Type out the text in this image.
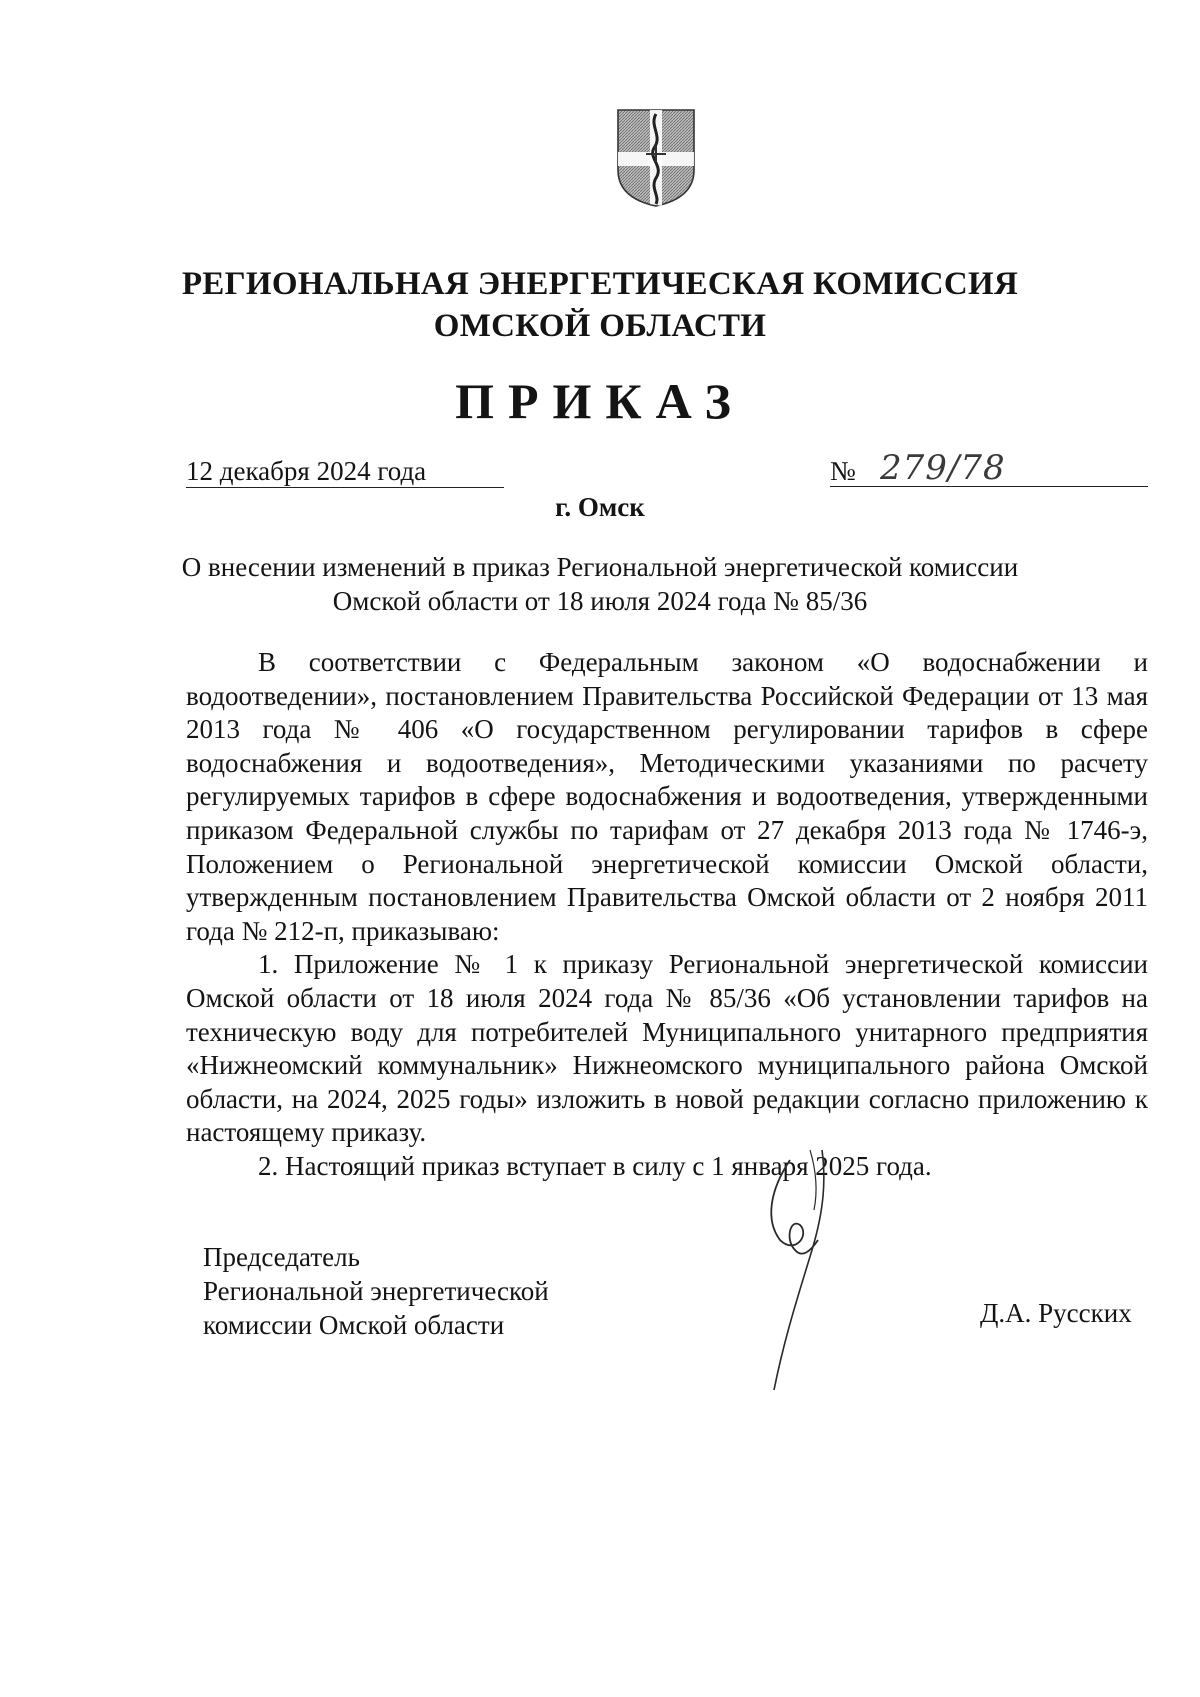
РЕГИОНАЛЬНАЯ ЭНЕРГЕТИЧЕСКАЯ КОМИССИЯ
ОМСКОЙ ОБЛАСТИ
ПРИКАЗ
12 декабря 2024 года	№ 279/78
г. Омск
О внесении изменений в приказ Региональной энергетической комиссии
Омской области от 18 июля 2024 года № 85/36

В соответствии с Федеральным законом «О водоснабжении и водоотведении», постановлением Правительства Российской Федерации от 13 мая 2013 года № 406 «О государственном регулировании тарифов в сфере водоснабжения и водоотведения», Методическими указаниями по расчету регулируемых тарифов в сфере водоснабжения и водоотведения, утвержденными приказом Федеральной службы по тарифам от 27 декабря 2013 года № 1746-э, Положением о Региональной энергетической комиссии Омской области, утвержденным постановлением Правительства Омской области от 2 ноября 2011 года № 212-п, приказываю:

1. Приложение № 1 к приказу Региональной энергетической комиссии Омской области от 18 июля 2024 года № 85/36 «Об установлении тарифов на техническую воду для потребителей Муниципального унитарного предприятия «Нижнеомский коммунальник» Нижнеомского муниципального района Омской области, на 2024, 2025 годы» изложить в новой редакции согласно приложению к настоящему приказу.

2. Настоящий приказ вступает в силу с 1 января 2025 года.

Председатель
Региональной энергетической
комиссии Омской области	Д.А. Русских
